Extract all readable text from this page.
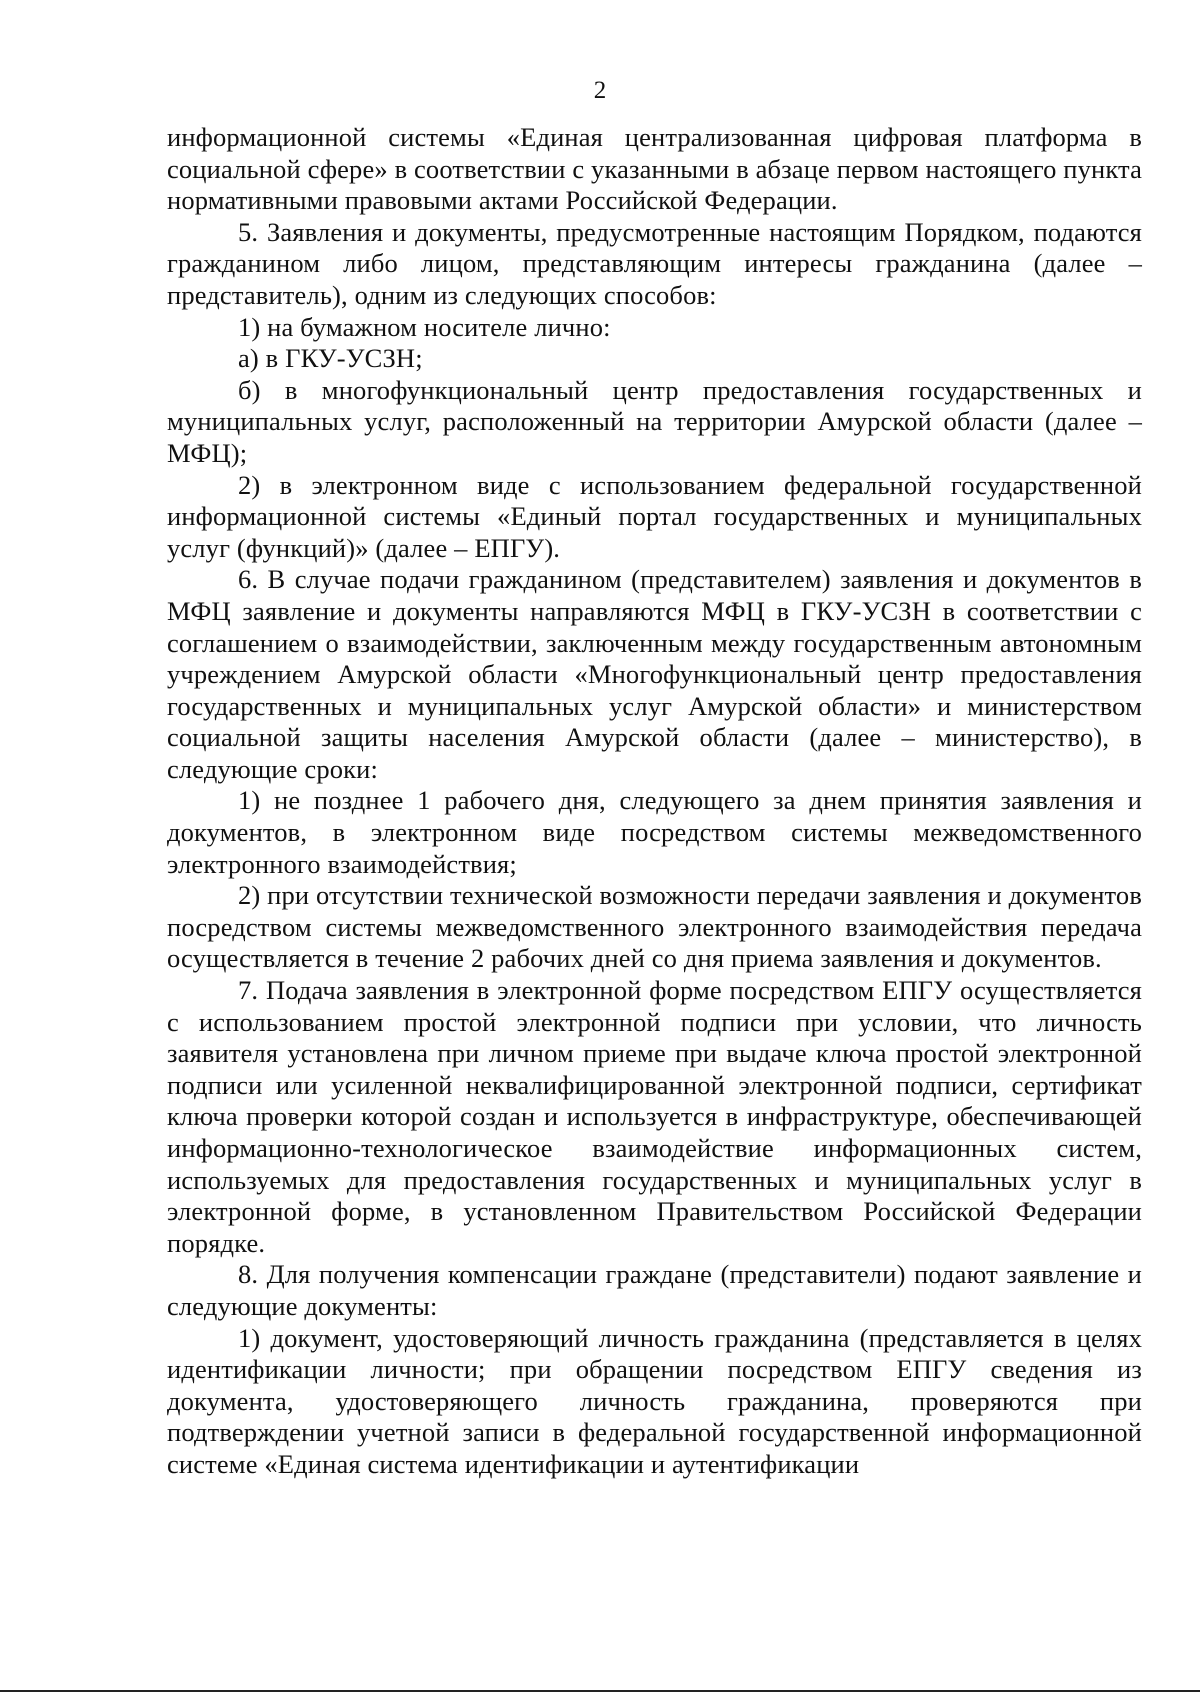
2

информационной системы «Единая централизованная цифровая платформа в социальной сфере» в соответствии с указанными в абзаце первом настоящего пункта нормативными правовыми актами Российской Федерации.

5. Заявления и документы, предусмотренные настоящим Порядком, подаются гражданином либо лицом, представляющим интересы гражданина (далее – представитель), одним из следующих способов:

1) на бумажном носителе лично:

а) в ГКУ-УСЗН;

б) в многофункциональный центр предоставления государственных и муниципальных услуг, расположенный на территории Амурской области (далее – МФЦ);

2) в электронном виде с использованием федеральной государственной информационной системы «Единый портал государственных и муниципальных услуг (функций)» (далее – ЕПГУ).

6. В случае подачи гражданином (представителем) заявления и документов в МФЦ заявление и документы направляются МФЦ в ГКУ-УСЗН в соответствии с соглашением о взаимодействии, заключенным между государственным автономным учреждением Амурской области «Многофункциональный центр предоставления государственных и муниципальных услуг Амурской области» и министерством социальной защиты населения Амурской области (далее – министерство), в следующие сроки:

1) не позднее 1 рабочего дня, следующего за днем принятия заявления и документов, в электронном виде посредством системы межведомственного электронного взаимодействия;

2) при отсутствии технической возможности передачи заявления и документов посредством системы межведомственного электронного взаимодействия передача осуществляется в течение 2 рабочих дней со дня приема заявления и документов.

7. Подача заявления в электронной форме посредством ЕПГУ осуществляется с использованием простой электронной подписи при условии, что личность заявителя установлена при личном приеме при выдаче ключа простой электронной подписи или усиленной неквалифицированной электронной подписи, сертификат ключа проверки которой создан и используется в инфраструктуре, обеспечивающей информационно-технологическое взаимодействие информационных систем, используемых для предоставления государственных и муниципальных услуг в электронной форме, в установленном Правительством Российской Федерации порядке.

8. Для получения компенсации граждане (представители) подают заявление и следующие документы:

1) документ, удостоверяющий личность гражданина (представляется в целях идентификации личности; при обращении посредством ЕПГУ сведения из документа, удостоверяющего личность гражданина, проверяются при подтверждении учетной записи в федеральной государственной информационной системе «Единая система идентификации и аутентификации
